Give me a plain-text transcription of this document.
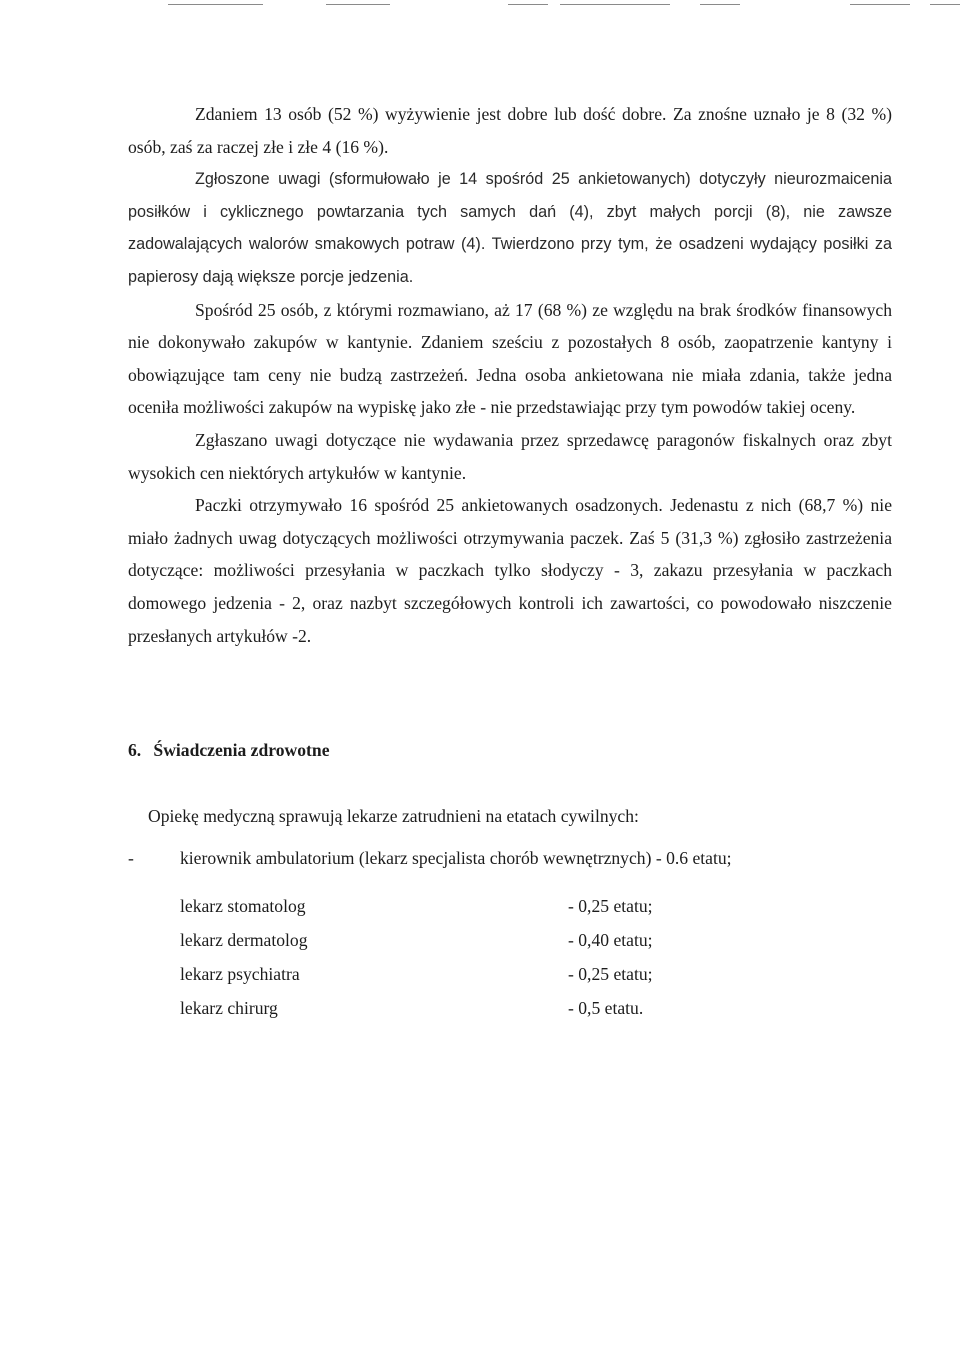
Zdaniem 13 osób (52 %) wyżywienie jest dobre lub dość dobre. Za znośne uznało je 8 (32 %) osób, zaś za raczej złe i złe 4 (16 %).

Zgłoszone uwagi (sformułowało je 14 spośród 25 ankietowanych) dotyczyły nieurozmaicenia posiłków i cyklicznego powtarzania tych samych dań (4), zbyt małych porcji (8), nie zawsze zadowalających walorów smakowych potraw (4). Twierdzono przy tym, że osadzeni wydający posiłki za papierosy dają większe porcje jedzenia.

Spośród 25 osób, z którymi rozmawiano, aż 17 (68 %) ze względu na brak środków finansowych nie dokonywało zakupów w kantynie. Zdaniem sześciu z pozostałych 8 osób, zaopatrzenie kantyny i obowiązujące tam ceny nie budzą zastrzeżeń. Jedna osoba ankietowana nie miała zdania, także jedna oceniła możliwości zakupów na wypiskę jako złe - nie przedstawiając przy tym powodów takiej oceny.

Zgłaszano uwagi dotyczące nie wydawania przez sprzedawcę paragonów fiskalnych oraz zbyt wysokich cen niektórych artykułów w kantynie.

Paczki otrzymywało 16 spośród 25 ankietowanych osadzonych. Jedenastu z nich (68,7 %) nie miało żadnych uwag dotyczących możliwości otrzymywania paczek. Zaś 5 (31,3 %) zgłosiło zastrzeżenia dotyczące: możliwości przesyłania w paczkach tylko słodyczy - 3, zakazu przesyłania w paczkach domowego jedzenia - 2, oraz nazbyt szczegółowych kontroli ich zawartości, co powodowało niszczenie przesłanych artykułów -2.

6. Świadczenia zdrowotne

Opiekę medyczną sprawują lekarze zatrudnieni na etatach cywilnych:

-	kierownik ambulatorium (lekarz specjalista chorób wewnętrznych) - 0.6 etatu;

lekarz stomatolog	- 0,25 etatu;
lekarz dermatolog	- 0,40 etatu;
lekarz psychiatra	- 0,25 etatu;
lekarz chirurg	- 0,5 etatu.
